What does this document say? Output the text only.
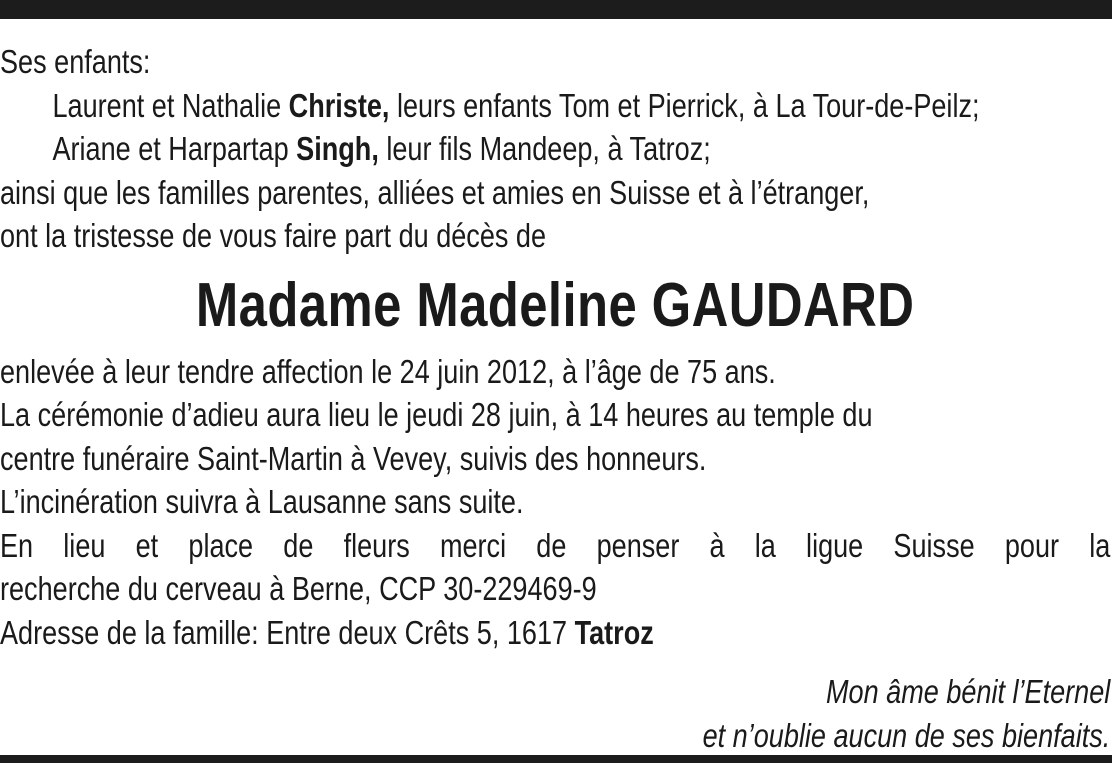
Ses enfants:
Laurent et Nathalie Christe, leurs enfants Tom et Pierrick, à La Tour-de-Peilz;
Ariane et Harpartap Singh, leur fils Mandeep, à Tatroz;
ainsi que les familles parentes, alliées et amies en Suisse et à l’étranger,
ont la tristesse de vous faire part du décès de
Madame Madeline GAUDARD
enlevée à leur tendre affection le 24 juin 2012, à l’âge de 75 ans.
La cérémonie d’adieu aura lieu le jeudi 28 juin, à 14 heures au temple du
centre funéraire Saint-Martin à Vevey, suivis des honneurs.
L’incinération suivra à Lausanne sans suite.
En lieu et place de fleurs merci de penser à la ligue Suisse pour la
recherche du cerveau à Berne, CCP 30-229469-9
Adresse de la famille: Entre deux Crêts 5, 1617 Tatroz
Mon âme bénit l’Eternel
et n’oublie aucun de ses bienfaits.
